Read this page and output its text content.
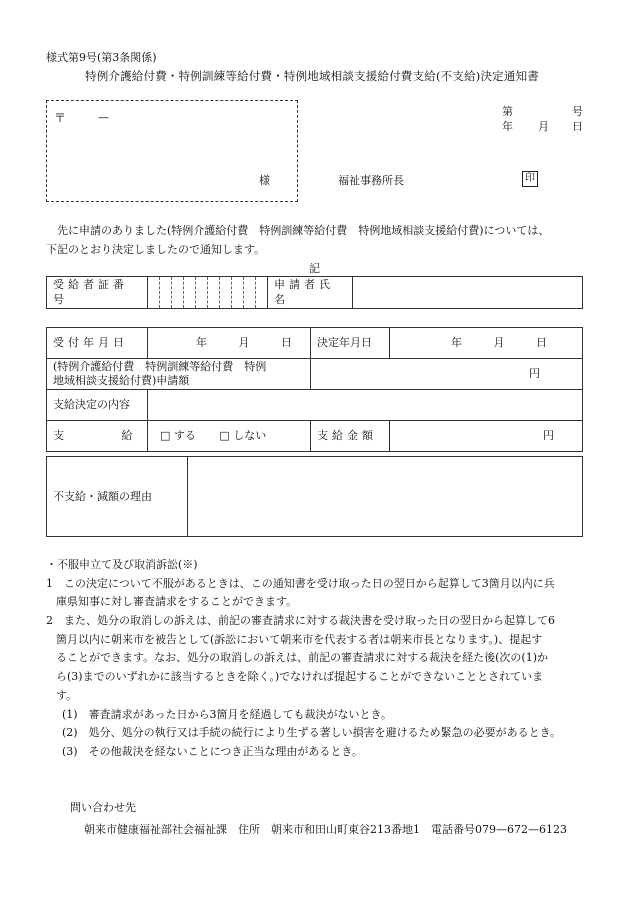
様式第9号(第3条関係)
特例介護給付費・特例訓練等給付費・特例地域相談支援給付費支給(不支給)決定通知書
〒	—
様
第	号
年 月 日
福祉事務所長	印

先に申請のありました(特例介護給付費　特例訓練等給付費　特例地域相談支援給付費)については、

下記のとおり決定しましたので通知します。

記
受給者証番号											申請者氏名	
受付年月日	年 月 日	決定年月日	年 月 日
(特例介護給付費　特例訓練等給付費　特例
地域相談支援給付費)申請額		円	
支給決定の内容			
支 給	□ する □ しない	支給金額	円
不支給・減額の理由	

・不服申立て及び取消訴訟(※)

1　この決定について不服があるときは、この通知書を受け取った日の翌日から起算して3箇月以内に兵

庫県知事に対し審査請求をすることができます。

2　また、処分の取消しの訴えは、前記の審査請求に対する裁決書を受け取った日の翌日から起算して6

箇月以内に朝来市を被告として(訴訟において朝来市を代表する者は朝来市長となります。)、提起す

ることができます。なお、処分の取消しの訴えは、前記の審査請求に対する裁決を経た後(次の(1)か

ら(3)までのいずれかに該当するときを除く。)でなければ提起することができないこととされていま

す。

(1)　審査請求があった日から3箇月を経過しても裁決がないとき。

(2)　処分、処分の執行又は手続の続行により生ずる著しい損害を避けるため緊急の必要があるとき。

(3)　その他裁決を経ないことにつき正当な理由があるとき。

問い合わせ先
朝来市健康福祉部社会福祉課　住所　朝来市和田山町東谷213番地1　電話番号079—672—6123
